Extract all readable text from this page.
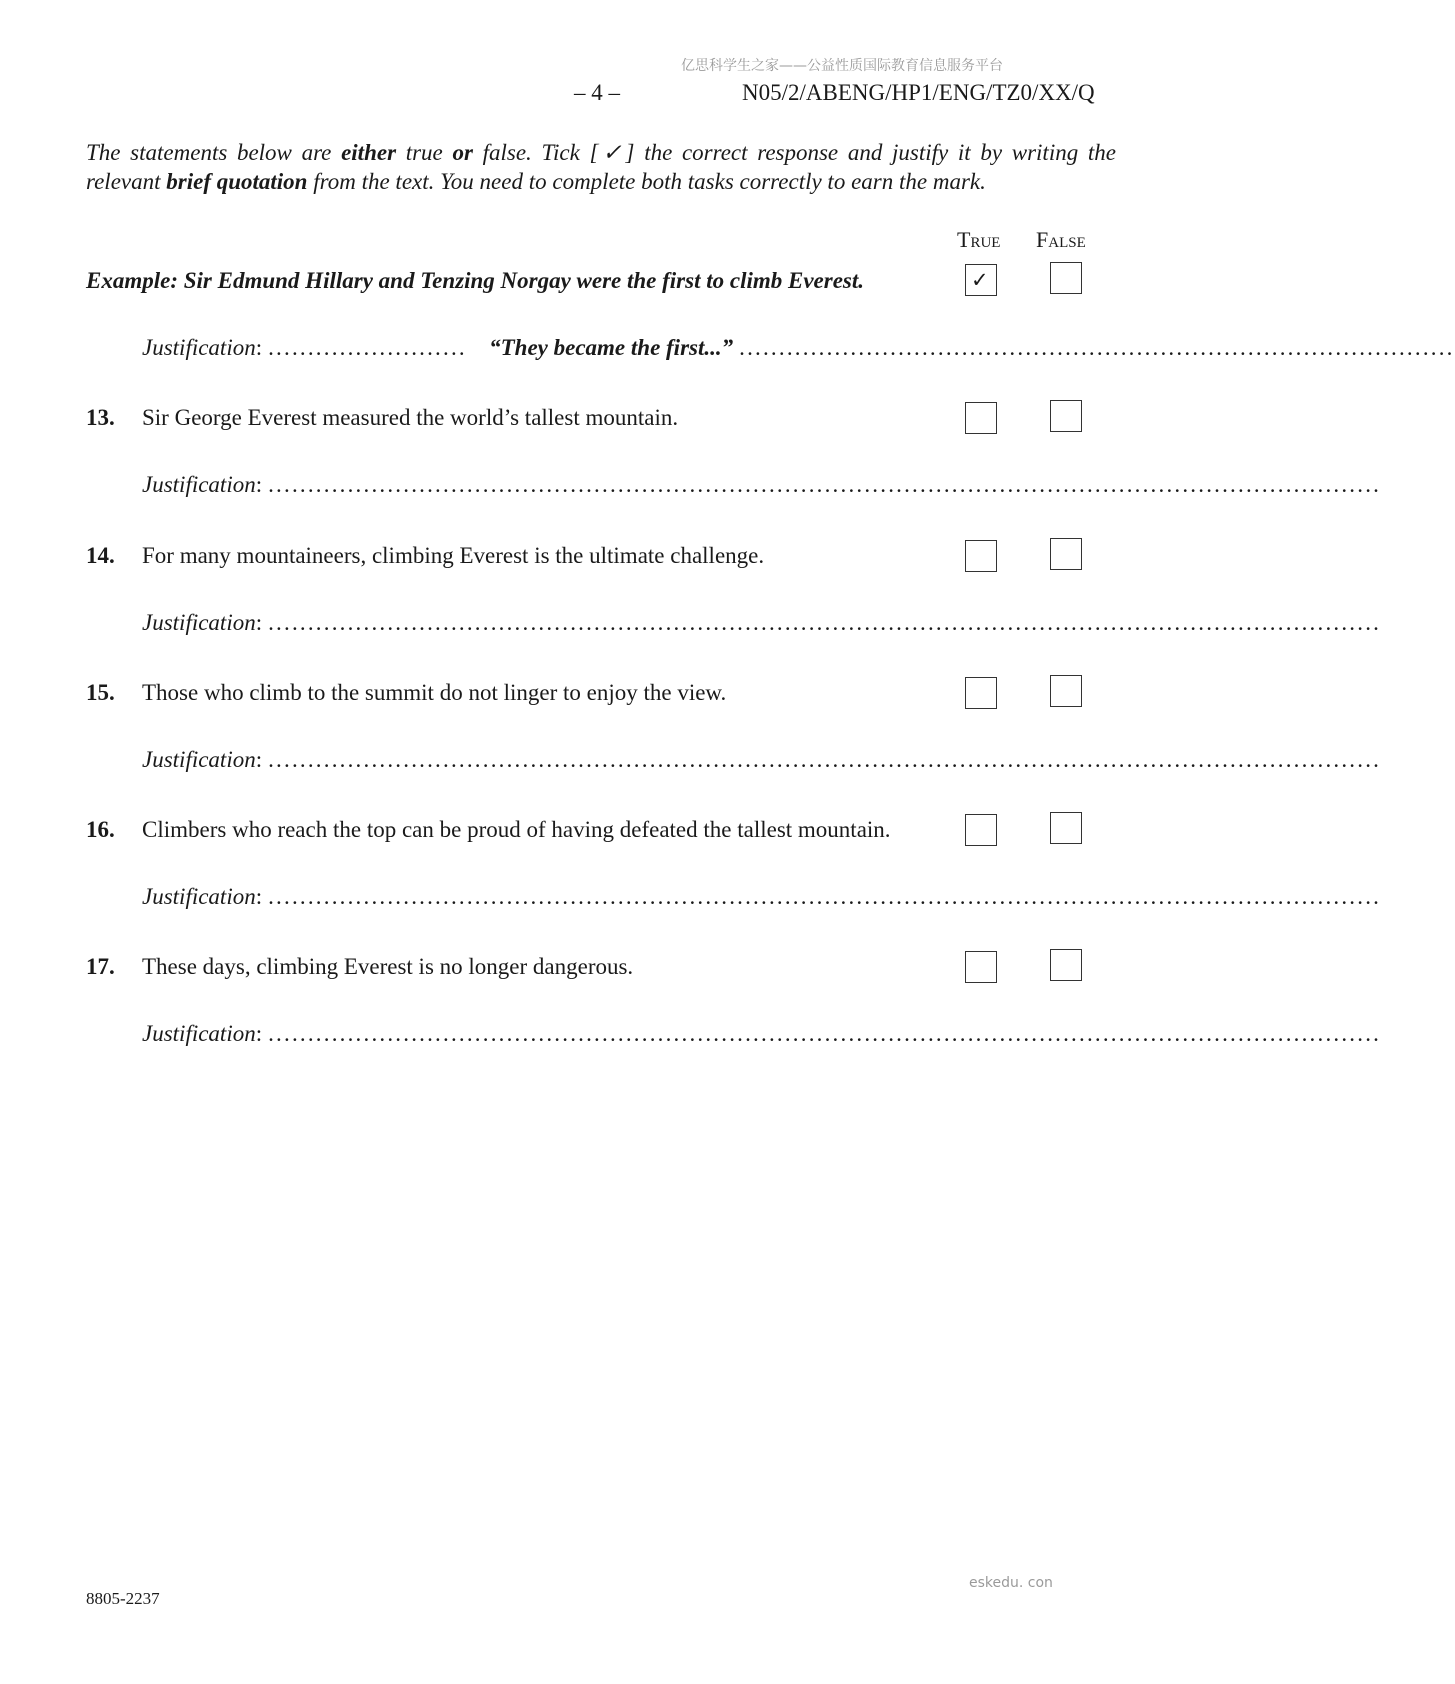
亿思科学生之家——公益性质国际教育信息服务平台
– 4 –	N05/2/ABENG/HP1/ENG/TZ0/XX/Q
The statements below are either true or false. Tick [✓] the correct response and justify it by writing the relevant brief quotation from the text. You need to complete both tasks correctly to earn the mark.
True False
Example: Sir Edmund Hillary and Tenzing Norgay were the first to climb Everest.	✓
Justification : ......................... “They became the first...” ..........................................................................................
13. Sir George Everest measured the world’s tallest mountain.
Justification : ............................................................................................................................................
14. For many mountaineers, climbing Everest is the ultimate challenge.
Justification : ............................................................................................................................................
15. Those who climb to the summit do not linger to enjoy the view.
Justification : ............................................................................................................................................
16. Climbers who reach the top can be proud of having defeated the tallest mountain.
Justification : ............................................................................................................................................
17. These days, climbing Everest is no longer dangerous.
Justification : ............................................................................................................................................
8805-2237
eskedu. con
